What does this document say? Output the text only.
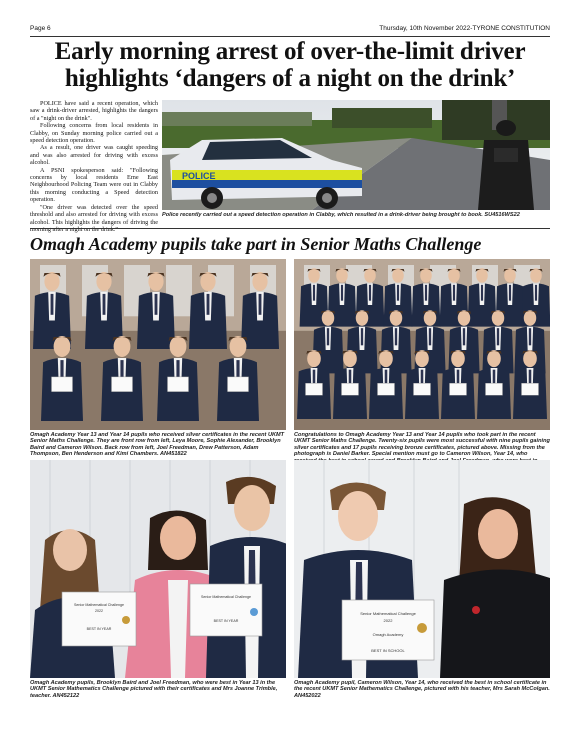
Page 6	Thursday, 10th November 2022-TYRONE CONSTITUTION
Early morning arrest of over-the-limit driver highlights ‘dangers of a night on the drink’

POLICE have said a recent operation, which saw a drink-driver arrested, highlights the dangers of a "night on the drink".

Following concerns from local residents in Clabby, on Sunday morning police carried out a speed detection operation.

As a result, one driver was caught speeding and was also arrested for driving with excess alcohol.

A PSNI spokesperson said: "Following concerns by local residents Erne East Neighbourhood Policing Team were out in Clabby this morning conducting a Speed detection operation.

"One driver was detected over the speed threshold and also arrested for driving with excess alcohol. This highlights the dangers of driving the morning after a night on the drink."

POLICE
Police recently carried out a speed detection operation in Clabby, which resulted in a drink-driver being brought to book. SU4516WS22
Omagh Academy pupils take part in Senior Maths Challenge
Omagh Academy Year 13 and Year 14 pupils who received silver certificates in the recent UKMT Senior Maths Challenge. They are front row from left, Leya Moore, Sophie Alexander, Brooklyn Baird and Cameron Wilson. Back row from left, Joel Freedman, Drew Patterson, Adam Thompson, Ben Henderson and Kimi Chambers. AN451822
Congratulations to Omagh Academy Year 13 and Year 14 pupils who took part in the recent UKMT Senior Maths Challenge. Twenty-six pupils were most successful with nine pupils gaining silver certificates and 17 pupils receiving bronze certificates, pictured above. Missing from the photograph is Daniel Barker. Special mention must go to Cameron Wilson, Year 14, who
Senior Mathematical Challenge
2022
BEST IN YEAR
Senior Mathematical Challenge
BEST IN YEAR
Omagh Academy pupils, Brooklyn Baird and Joel Freedman, who were best in Year 13 in the UKMT Senior Mathematics Challenge pictured with their certificates and Mrs Joanne Trimble, teacher. AN452122
Senior Mathematical Challenge
2022
Omagh Academy
BEST IN SCHOOL
Omagh Academy pupil, Cameron Wilson, Year 14, who received the best in school certificate in the recent UKMT Senior Mathematics Challenge, pictured with his teacher, Mrs Sarah McColgan. AN452022
